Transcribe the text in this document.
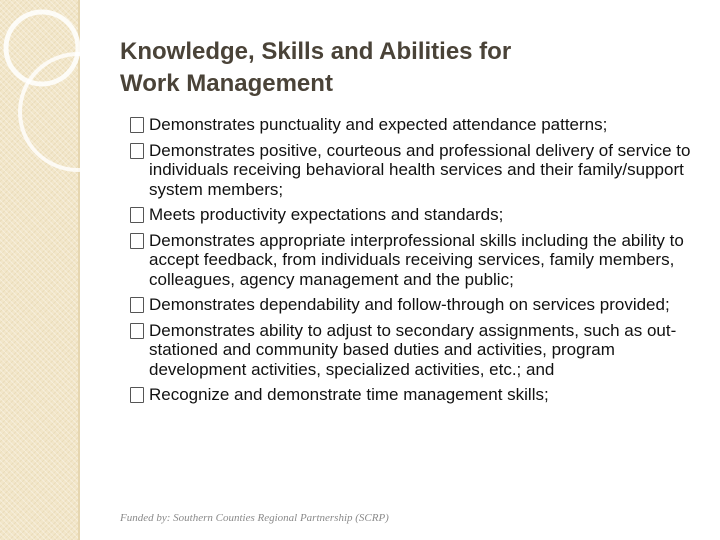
Knowledge, Skills and Abilities for
Work Management
Demonstrates punctuality and expected attendance patterns;
Demonstrates positive, courteous and professional delivery of service to individuals receiving behavioral health services and their family/support system members;
Meets productivity expectations and standards;
Demonstrates appropriate interprofessional skills including the ability to accept feedback, from individuals receiving services, family members, colleagues, agency management and the public;
Demonstrates dependability and follow-through on services provided;
Demonstrates ability to adjust to secondary assignments, such as out-stationed and community based duties and activities, program development activities, specialized activities, etc.; and
Recognize and demonstrate time management skills;
Funded by: Southern Counties Regional Partnership (SCRP)
